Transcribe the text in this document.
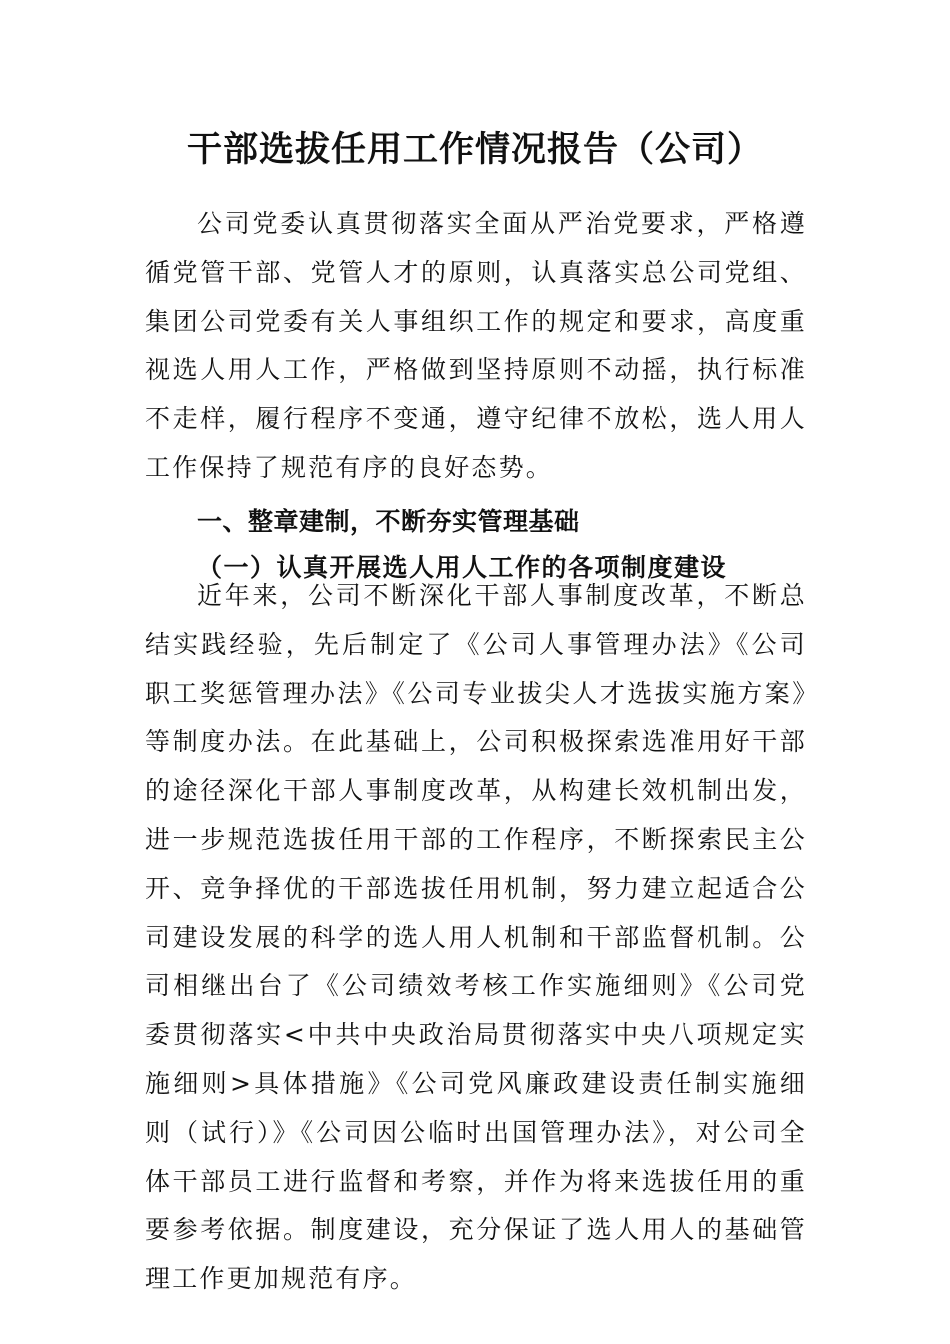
干部选拔任用工作情况报告（公司）

公司党委认真贯彻落实全面从严治党要求，严格遵循党管干部、党管人才的原则，认真落实总公司党组、集团公司党委有关人事组织工作的规定和要求，高度重视选人用人工作，严格做到坚持原则不动摇，执行标准不走样，履行程序不变通，遵守纪律不放松，选人用人工作保持了规范有序的良好态势。

一、整章建制，不断夯实管理基础
（一）认真开展选人用人工作的各项制度建设

近年来，公司不断深化干部人事制度改革，不断总结实践经验，先后制定了《公司人事管理办法》《公司职工奖惩管理办法》《公司专业拔尖人才选拔实施方案》等制度办法。在此基础上，公司积极探索选准用好干部的途径深化干部人事制度改革，从构建长效机制出发，进一步规范选拔任用干部的工作程序，不断探索民主公开、竞争择优的干部选拔任用机制，努力建立起适合公司建设发展的科学的选人用人机制和干部监督机制。公司相继出台了《公司绩效考核工作实施细则》《公司党委贯彻落实<中共中央政治局贯彻落实中央八项规定实施细则>具体措施》《公司党风廉政建设责任制实施细则（试行）》《公司因公临时出国管理办法》，对公司全体干部员工进行监督和考察，并作为将来选拔任用的重要参考依据。制度建设，充分保证了选人用人的基础管理工作更加规范有序。
